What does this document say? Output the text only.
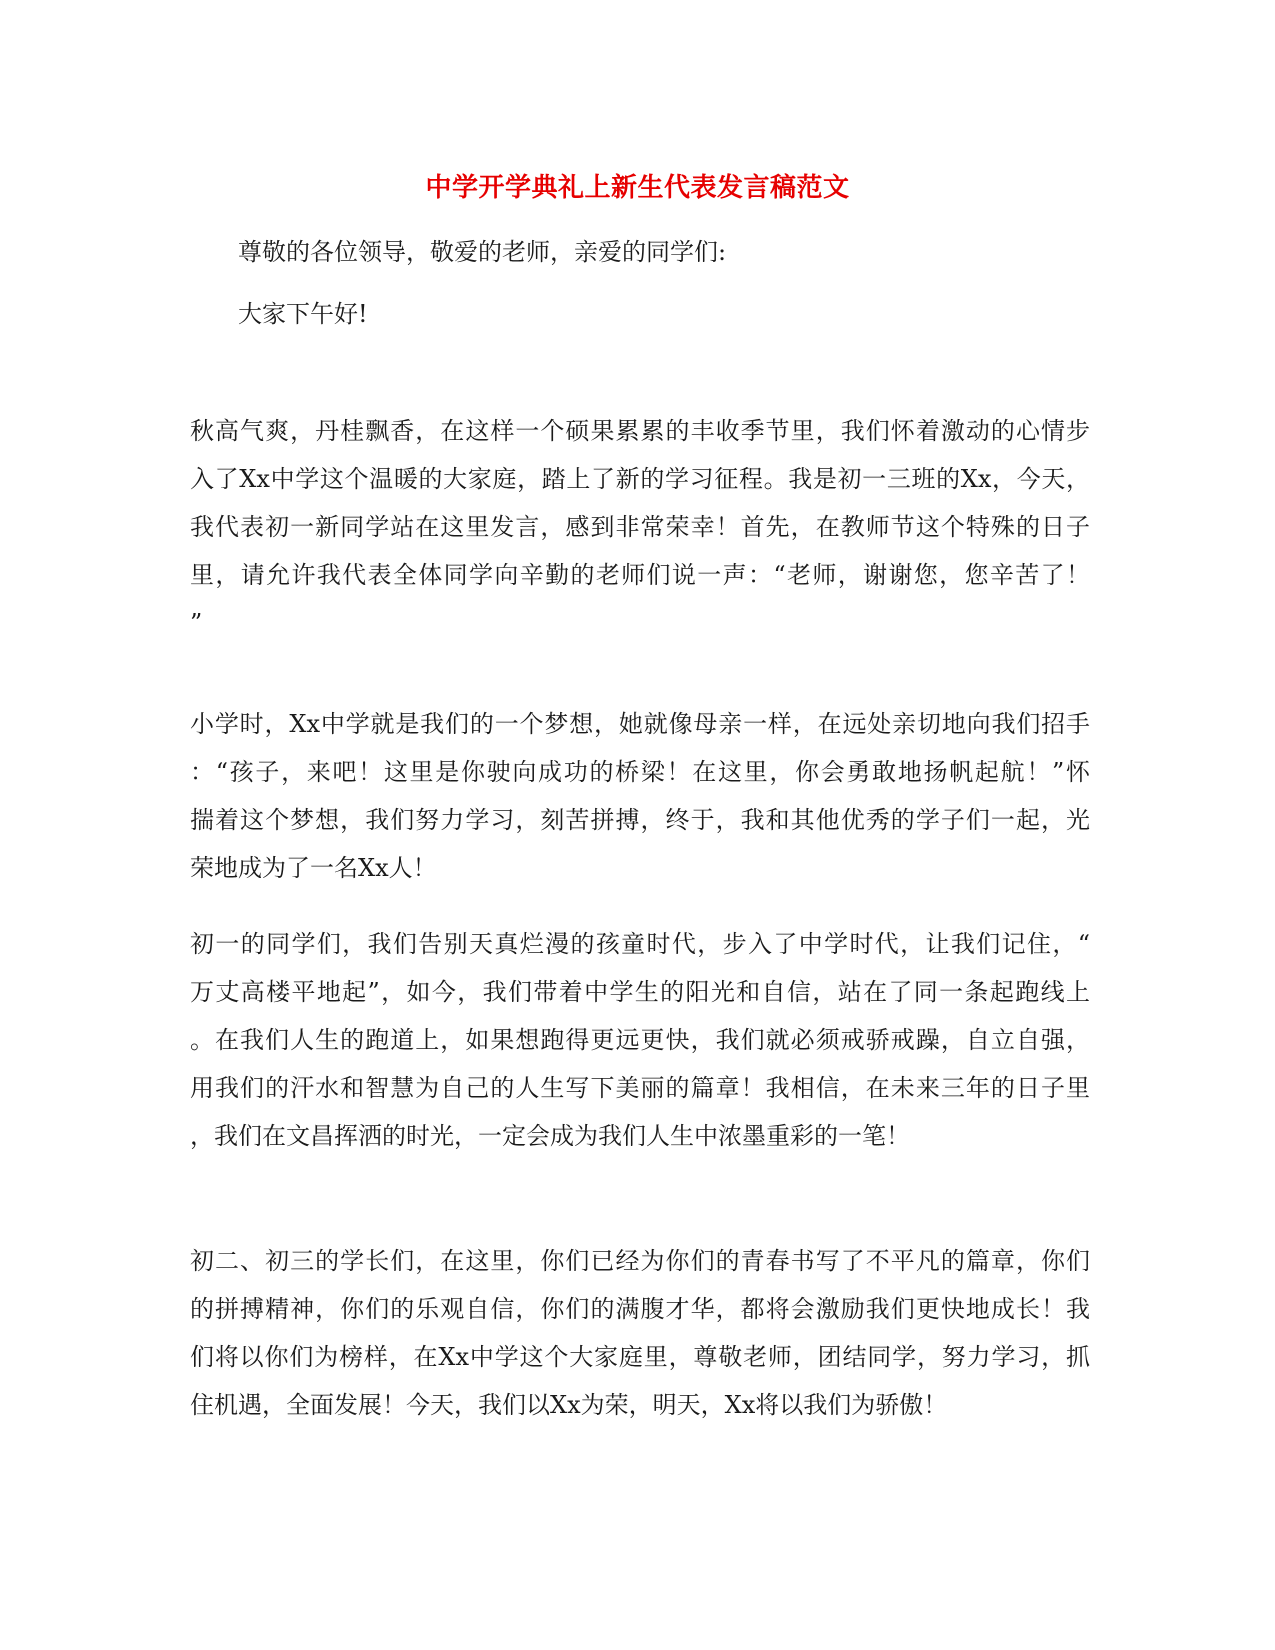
中学开学典礼上新生代表发言稿范文
尊敬的各位领导，敬爱的老师，亲爱的同学们:
大家下午好!
秋高气爽，丹桂飘香，在这样一个硕果累累的丰收季节里，我们怀着激动的心情步
入了Xx中学这个温暖的大家庭，踏上了新的学习征程。我是初一三班的Xx，今天，
我代表初一新同学站在这里发言，感到非常荣幸！首先，在教师节这个特殊的日子
里，请允许我代表全体同学向辛勤的老师们说一声：“老师，谢谢您，您辛苦了！
”
小学时，Xx中学就是我们的一个梦想，她就像母亲一样，在远处亲切地向我们招手
：“孩子，来吧！这里是你驶向成功的桥梁！在这里，你会勇敢地扬帆起航！”怀
揣着这个梦想，我们努力学习，刻苦拼搏，终于，我和其他优秀的学子们一起，光
荣地成为了一名Xx人！
初一的同学们，我们告别天真烂漫的孩童时代，步入了中学时代，让我们记住，“
万丈高楼平地起”，如今，我们带着中学生的阳光和自信，站在了同一条起跑线上
。在我们人生的跑道上，如果想跑得更远更快，我们就必须戒骄戒躁，自立自强，
用我们的汗水和智慧为自己的人生写下美丽的篇章！我相信，在未来三年的日子里
，我们在文昌挥洒的时光，一定会成为我们人生中浓墨重彩的一笔！
初二、初三的学长们，在这里，你们已经为你们的青春书写了不平凡的篇章，你们
的拼搏精神，你们的乐观自信，你们的满腹才华，都将会激励我们更快地成长！我
们将以你们为榜样，在Xx中学这个大家庭里，尊敬老师，团结同学，努力学习，抓
住机遇，全面发展！今天，我们以Xx为荣，明天，Xx将以我们为骄傲！
